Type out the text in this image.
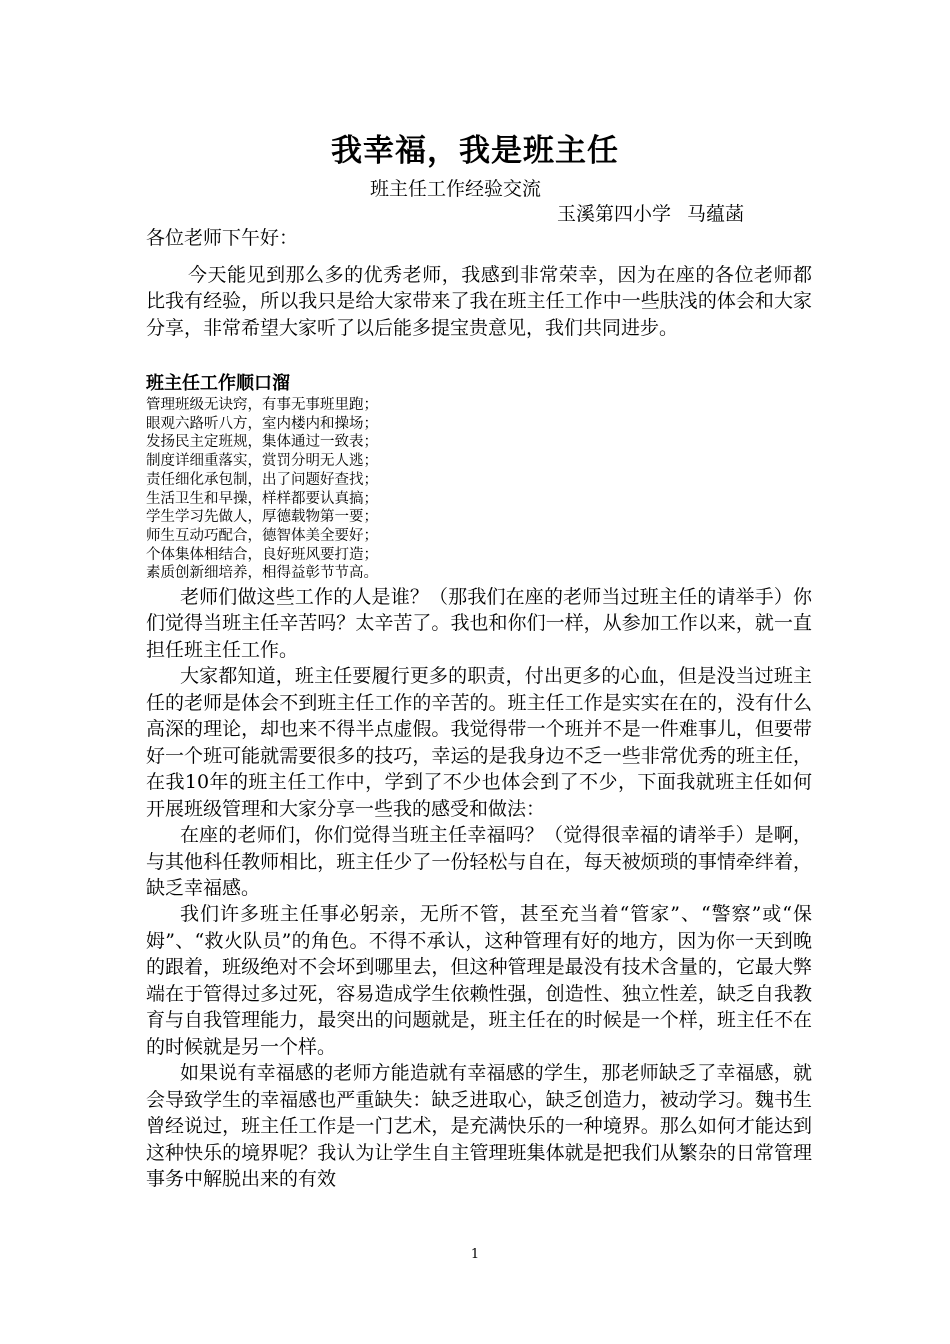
我幸福，我是班主任
班主任工作经验交流
玉溪第四小学 马蕴菡
各位老师下午好：

今天能见到那么多的优秀老师，我感到非常荣幸，因为在座的各位老师都比我有经验，所以我只是给大家带来了我在班主任工作中一些肤浅的体会和大家分享，非常希望大家听了以后能多提宝贵意见，我们共同进步。

班主任工作顺口溜
管理班级无诀窍，有事无事班里跑；
眼观六路听八方，室内楼内和操场；
发扬民主定班规，集体通过一致表；
制度详细重落实，赏罚分明无人逃；
责任细化承包制，出了问题好查找；
生活卫生和早操，样样都要认真搞；
学生学习先做人，厚德载物第一要；
师生互动巧配合，德智体美全要好；
个体集体相结合，良好班风要打造；
素质创新细培养，相得益彰节节高。

老师们做这些工作的人是谁？（那我们在座的老师当过班主任的请举手）你们觉得当班主任辛苦吗？太辛苦了。我也和你们一样，从参加工作以来，就一直担任班主任工作。

大家都知道，班主任要履行更多的职责，付出更多的心血，但是没当过班主任的老师是体会不到班主任工作的辛苦的。班主任工作是实实在在的，没有什么高深的理论，却也来不得半点虚假。我觉得带一个班并不是一件难事儿，但要带好一个班可能就需要很多的技巧，幸运的是我身边不乏一些非常优秀的班主任，在我10年的班主任工作中，学到了不少也体会到了不少，下面我就班主任如何开展班级管理和大家分享一些我的感受和做法：

在座的老师们，你们觉得当班主任幸福吗？（觉得很幸福的请举手）是啊，与其他科任教师相比，班主任少了一份轻松与自在，每天被烦琐的事情牵绊着，缺乏幸福感。

我们许多班主任事必躬亲，无所不管，甚至充当着“管家”、“警察”或“保姆”、“救火队员”的角色。不得不承认，这种管理有好的地方，因为你一天到晚的跟着，班级绝对不会坏到哪里去，但这种管理是最没有技术含量的，它最大弊端在于管得过多过死，容易造成学生依赖性强，创造性、独立性差，缺乏自我教育与自我管理能力，最突出的问题就是，班主任在的时候是一个样，班主任不在的时候就是另一个样。

如果说有幸福感的老师方能造就有幸福感的学生，那老师缺乏了幸福感，就会导致学生的幸福感也严重缺失：缺乏进取心，缺乏创造力，被动学习。魏书生曾经说过，班主任工作是一门艺术，是充满快乐的一种境界。那么如何才能达到这种快乐的境界呢？我认为让学生自主管理班集体就是把我们从繁杂的日常管理事务中解脱出来的有效

1
